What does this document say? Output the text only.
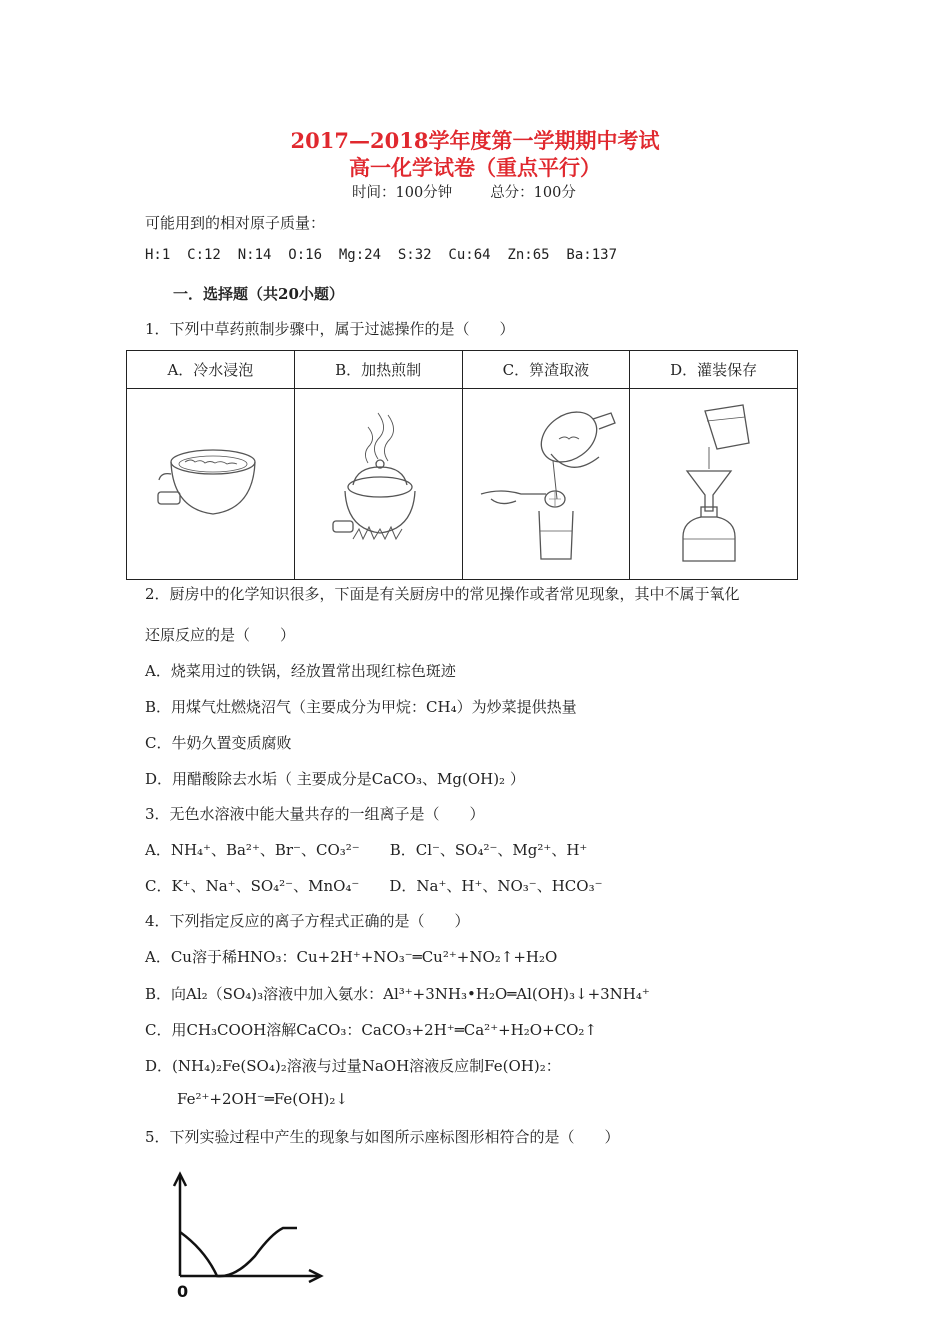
2017—2018学年度第一学期期中考试
高一化学试卷（重点平行）
时间：100分钟	总分：100分
可能用到的相对原子质量：
H:1  C:12  N:14  O:16  Mg:24  S:32  Cu:64  Zn:65  Ba:137
一．选择题（共20小题）
1．下列中草药煎制步骤中，属于过滤操作的是（　　）
A．冷水浸泡	B．加热煎制	C．箅渣取液	D．灌装保存

2．厨房中的化学知识很多，下面是有关厨房中的常见操作或者常见现象，其中不属于氧化
还原反应的是（　　）
A．烧菜用过的铁锅，经放置常出现红棕色斑迹
B．用煤气灶燃烧沼气（主要成分为甲烷：CH₄）为炒菜提供热量
C．牛奶久置变质腐败
D．用醋酸除去水垢（ 主要成分是CaCO₃、Mg(OH)₂ ）
3．无色水溶液中能大量共存的一组离子是（　　）
A．NH₄⁺、Ba²⁺、Br⁻、CO₃²⁻　　B．Cl⁻、SO₄²⁻、Mg²⁺、H⁺
C．K⁺、Na⁺、SO₄²⁻、MnO₄⁻　　D．Na⁺、H⁺、NO₃⁻、HCO₃⁻
4．下列指定反应的离子方程式正确的是（　　）
A．Cu溶于稀HNO₃：Cu+2H⁺+NO₃⁻═Cu²⁺+NO₂↑+H₂O
B．向Al₂（SO₄)₃溶液中加入氨水：Al³⁺+3NH₃•H₂O═Al(OH)₃↓+3NH₄⁺
C．用CH₃COOH溶解CaCO₃：CaCO₃+2H⁺═Ca²⁺+H₂O+CO₂↑
D．(NH₄)₂Fe(SO₄)₂溶液与过量NaOH溶液反应制Fe(OH)₂：
Fe²⁺+2OH⁻═Fe(OH)₂↓
5．下列实验过程中产生的现象与如图所示座标图形相符合的是（　　）
0
